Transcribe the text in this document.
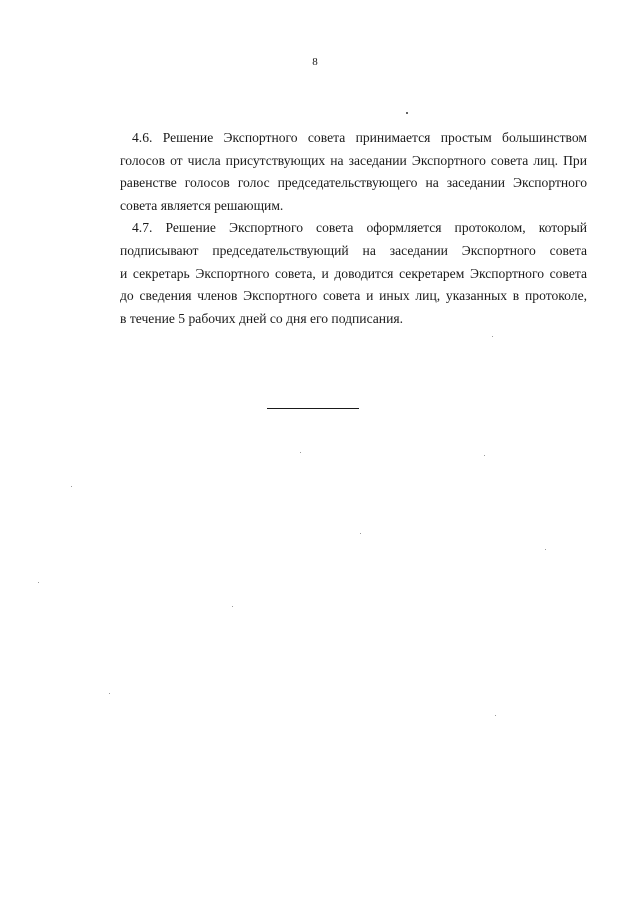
8
4.6. Решение Экспортного совета принимается простым большинством
голосов от числа присутствующих на заседании Экспортного совета лиц. При
равенстве голосов голос председательствующего на заседании Экспортного
совета является решающим.
4.7. Решение Экспортного совета оформляется протоколом, который
подписывают председательствующий на заседании Экспортного совета
и секретарь Экспортного совета, и доводится секретарем Экспортного совета
до сведения членов Экспортного совета и иных лиц, указанных в протоколе,
в течение 5 рабочих дней со дня его подписания.
